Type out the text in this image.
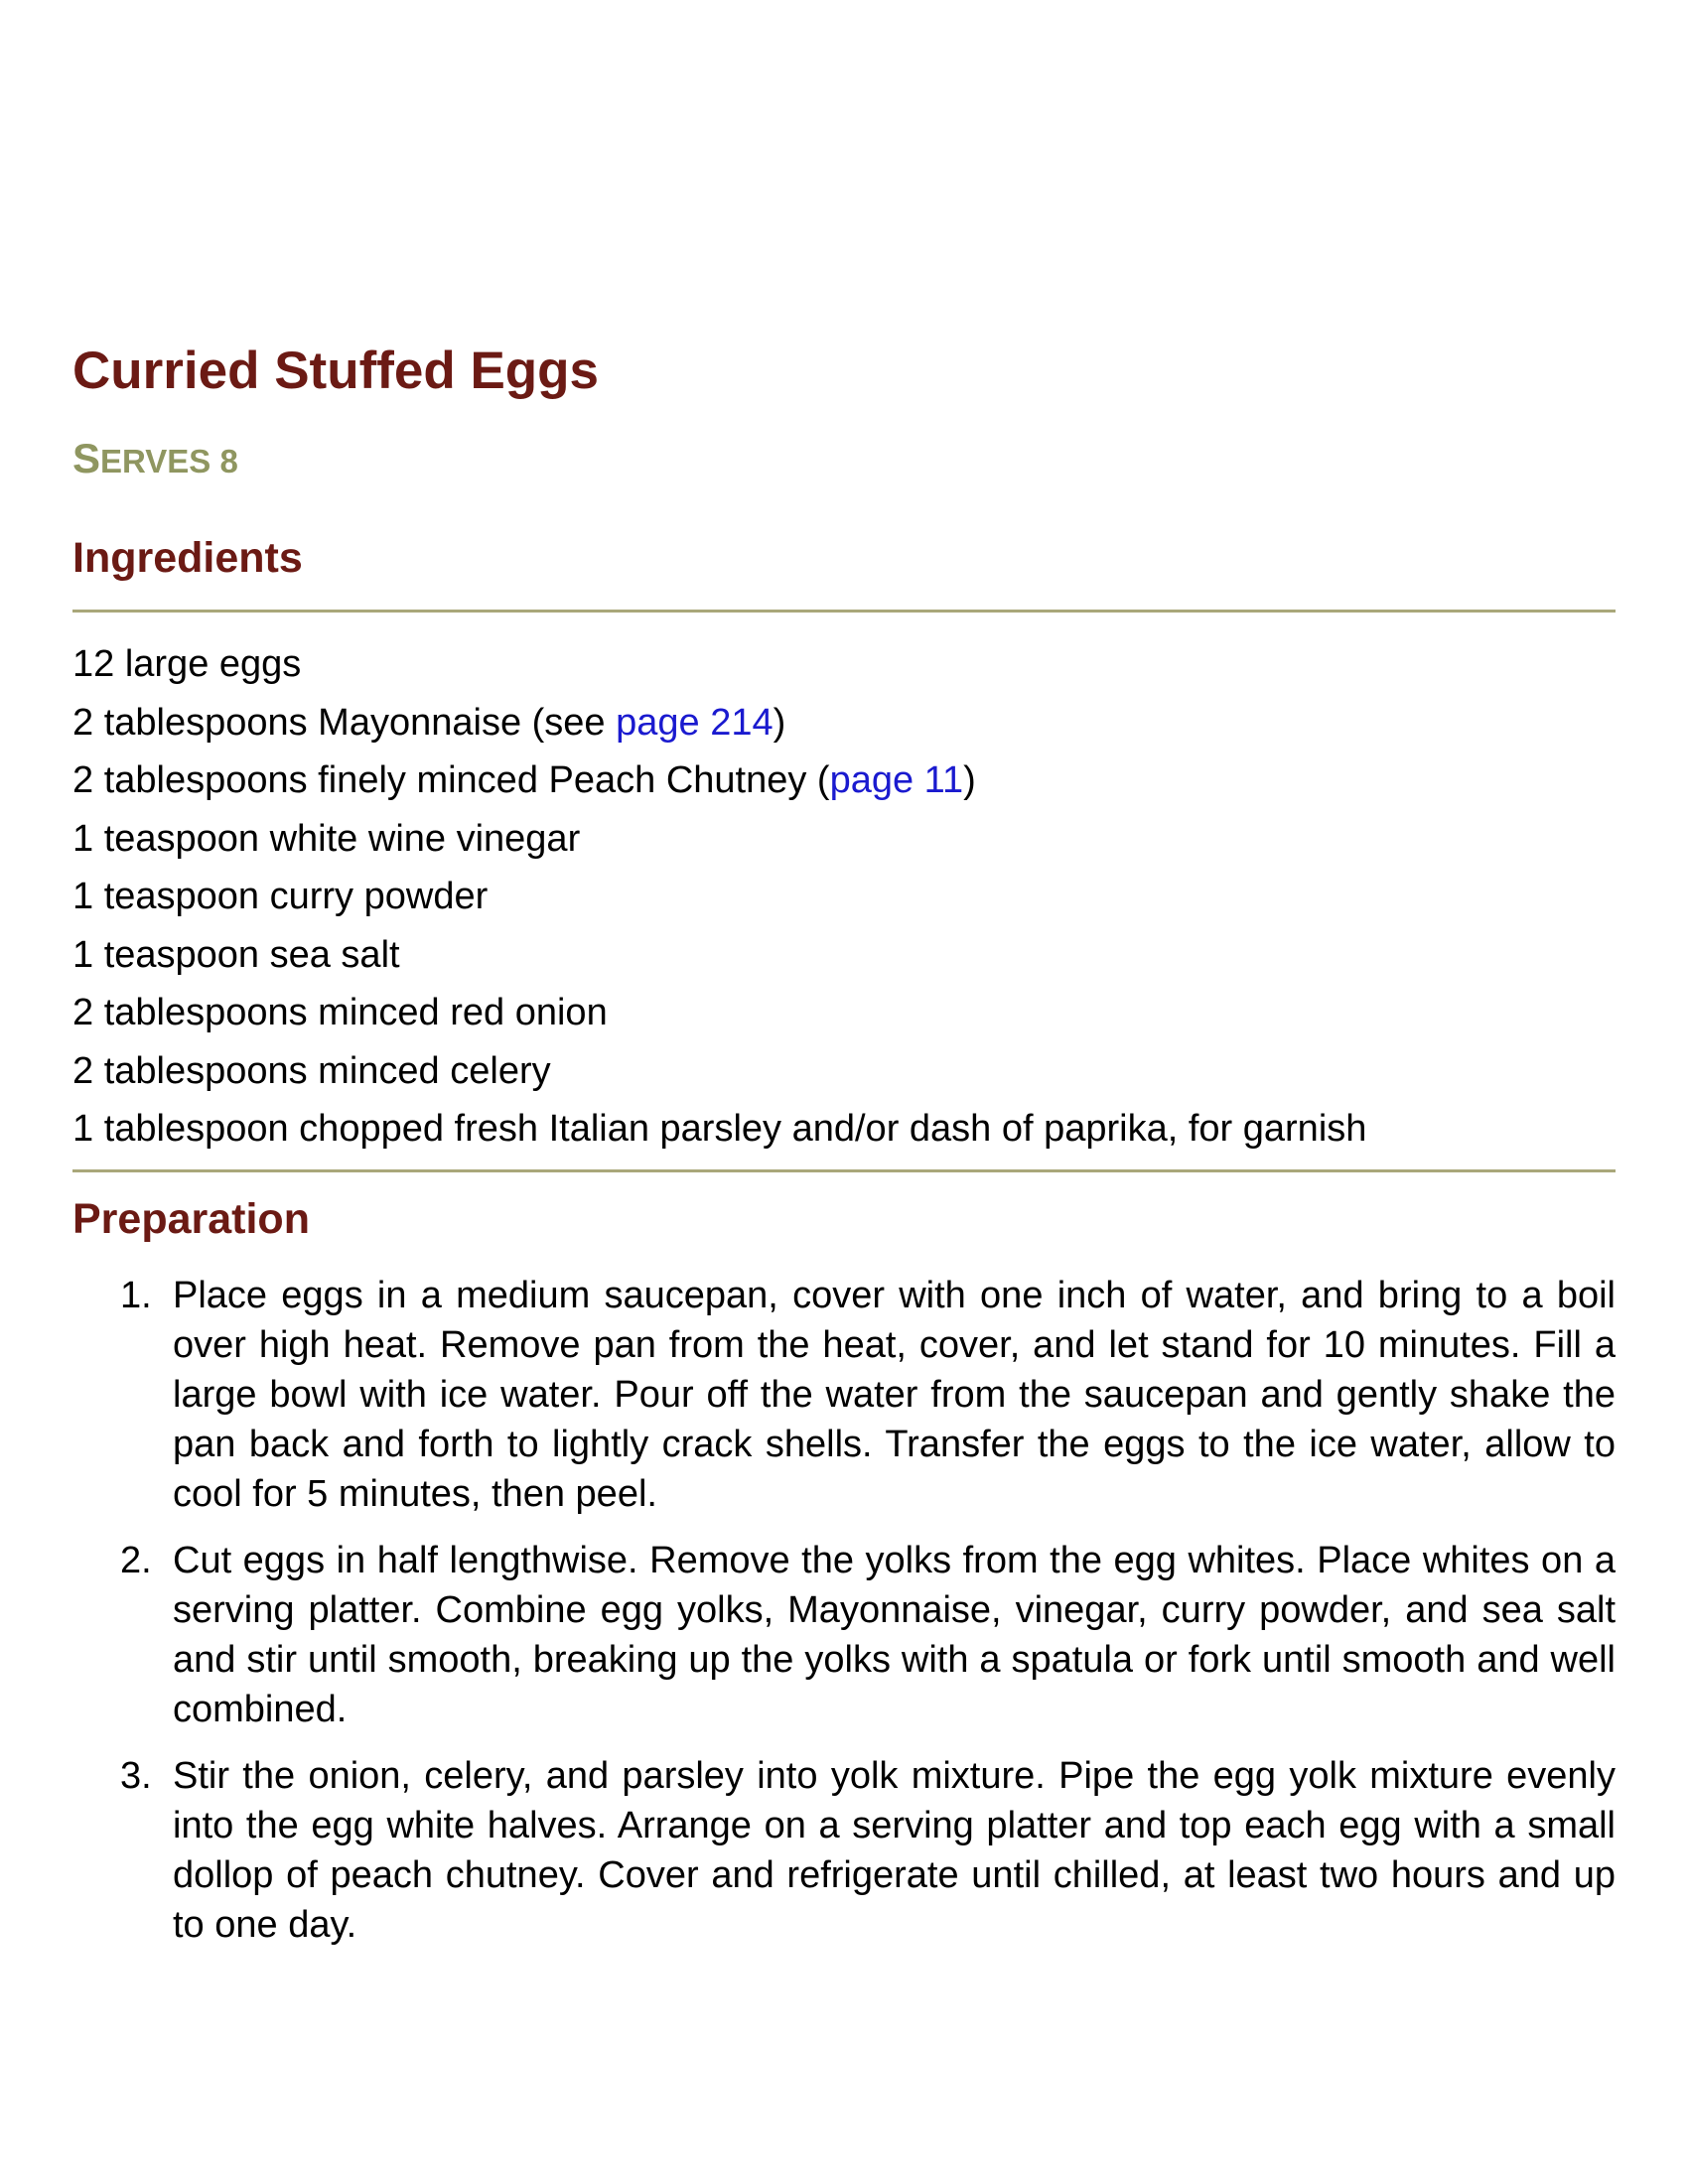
Curried Stuffed Eggs
SERVES 8
Ingredients
12 large eggs
2 tablespoons Mayonnaise (see page 214)
2 tablespoons finely minced Peach Chutney (page 11)
1 teaspoon white wine vinegar
1 teaspoon curry powder
1 teaspoon sea salt
2 tablespoons minced red onion
2 tablespoons minced celery
1 tablespoon chopped fresh Italian parsley and/or dash of paprika, for garnish
Preparation
1. Place eggs in a medium saucepan, cover with one inch of water, and bring to a boil over high heat. Remove pan from the heat, cover, and let stand for 10 minutes. Fill a large bowl with ice water. Pour off the water from the saucepan and gently shake the pan back and forth to lightly crack shells. Transfer the eggs to the ice water, allow to cool for 5 minutes, then peel.
2. Cut eggs in half lengthwise. Remove the yolks from the egg whites. Place whites on a serving platter. Combine egg yolks, Mayonnaise, vinegar, curry powder, and sea salt and stir until smooth, breaking up the yolks with a spatula or fork until smooth and well combined.
3. Stir the onion, celery, and parsley into yolk mixture. Pipe the egg yolk mixture evenly into the egg white halves. Arrange on a serving platter and top each egg with a small dollop of peach chutney. Cover and refrigerate until chilled, at least two hours and up to one day.
